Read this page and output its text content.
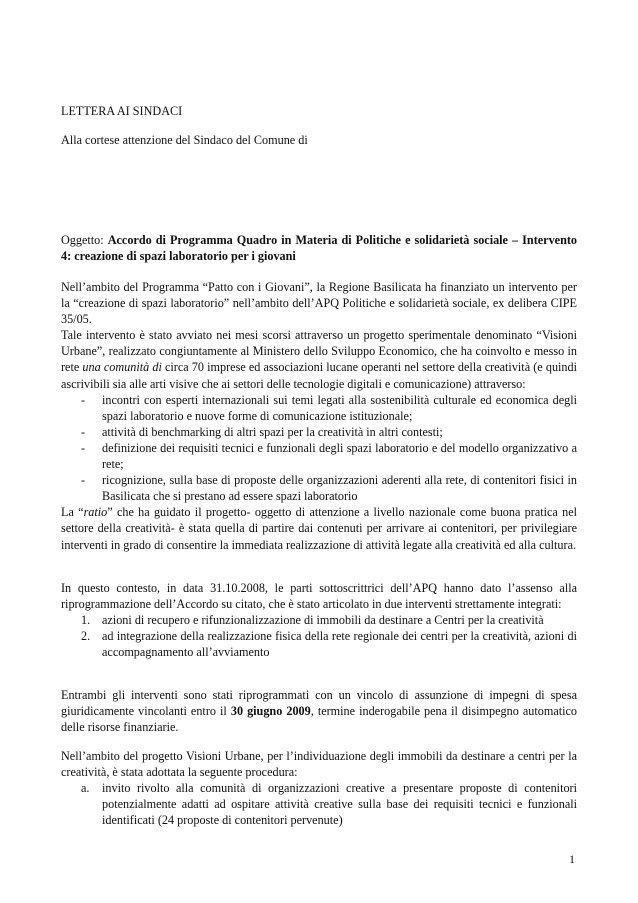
LETTERA AI SINDACI

Alla cortese attenzione del Sindaco del Comune di

Oggetto: Accordo di Programma Quadro in Materia di Politiche e solidarietà sociale – Intervento 4: creazione di spazi laboratorio per i giovani

Nell’ambito del Programma “Patto con i Giovani”, la Regione Basilicata ha finanziato un intervento per la “creazione di spazi laboratorio” nell’ambito dell’APQ Politiche e solidarietà sociale, ex delibera CIPE 35/05.

Tale intervento è stato avviato nei mesi scorsi attraverso un progetto sperimentale denominato “Visioni Urbane”, realizzato congiuntamente al Ministero dello Sviluppo Economico, che ha coinvolto e messo in rete una comunità di circa 70 imprese ed associazioni lucane operanti nel settore della creatività (e quindi ascrivibili sia alle arti visive che ai settori delle tecnologie digitali e comunicazione) attraverso:

- incontri con esperti internazionali sui temi legati alla sostenibilità culturale ed economica degli spazi laboratorio e nuove forme di comunicazione istituzionale;
- attività di benchmarking di altri spazi per la creatività in altri contesti;
- definizione dei requisiti tecnici e funzionali degli spazi laboratorio e del modello organizzativo a rete;
- ricognizione, sulla base di proposte delle organizzazioni aderenti alla rete, di contenitori fisici in Basilicata che si prestano ad essere spazi laboratorio

La “ratio” che ha guidato il progetto- oggetto di attenzione a livello nazionale come buona pratica nel settore della creatività- è stata quella di partire dai contenuti per arrivare ai contenitori, per privilegiare interventi in grado di consentire la immediata realizzazione di attività legate alla creatività ed alla cultura.

In questo contesto, in data 31.10.2008, le parti sottoscrittrici dell’APQ hanno dato l’assenso alla riprogrammazione dell’Accordo su citato, che è stato articolato in due interventi strettamente integrati:

1. azioni di recupero e rifunzionalizzazione di immobili da destinare a Centri per la creatività
2. ad integrazione della realizzazione fisica della rete regionale dei centri per la creatività, azioni di accompagnamento all’avviamento

Entrambi gli interventi sono stati riprogrammati con un vincolo di assunzione di impegni di spesa giuridicamente vincolanti entro il 30 giugno 2009, termine inderogabile pena il disimpegno automatico delle risorse finanziarie.

Nell’ambito del progetto Visioni Urbane, per l’individuazione degli immobili da destinare a centri per la creatività, è stata adottata la seguente procedura:

a. invito rivolto alla comunità di organizzazioni creative a presentare proposte di contenitori potenzialmente adatti ad ospitare attività creative sulla base dei requisiti tecnici e funzionali identificati (24 proposte di contenitori pervenute)
1
